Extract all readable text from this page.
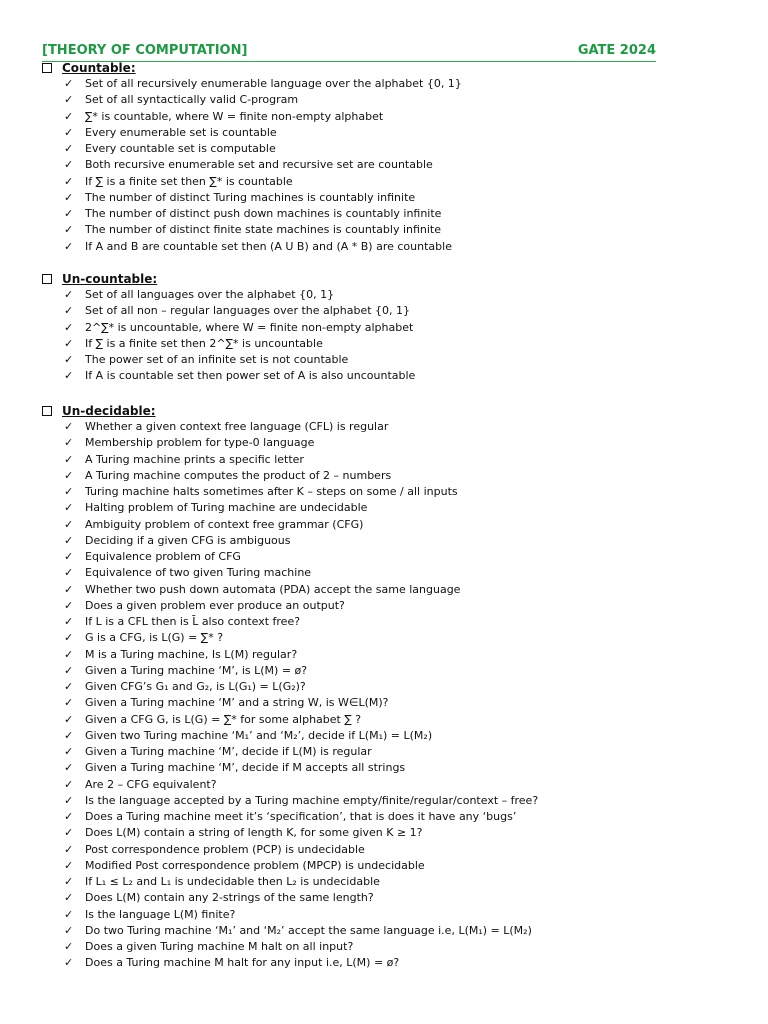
[THEORY OF COMPUTATION]	GATE 2024
Countable:
✓ Set of all recursively enumerable language over the alphabet {0, 1}
✓ Set of all syntactically valid C-program
✓ ∑* is countable, where W = finite non-empty alphabet
✓ Every enumerable set is countable
✓ Every countable set is computable
✓ Both recursive enumerable set and recursive set are countable
✓ If ∑ is a finite set then ∑* is countable
✓ The number of distinct Turing machines is countably infinite
✓ The number of distinct push down machines is countably infinite
✓ The number of distinct finite state machines is countably infinite
✓ If A and B are countable set then (A U B) and (A * B) are countable
Un-countable:
✓ Set of all languages over the alphabet {0, 1}
✓ Set of all non – regular languages over the alphabet {0, 1}
✓ 2^∑* is uncountable, where W = finite non-empty alphabet
✓ If ∑ is a finite set then 2^∑* is uncountable
✓ The power set of an infinite set is not countable
✓ If A is countable set then power set of A is also uncountable
Un-decidable:
✓ Whether a given context free language (CFL) is regular
✓ Membership problem for type-0 language
✓ A Turing machine prints a specific letter
✓ A Turing machine computes the product of 2 – numbers
✓ Turing machine halts sometimes after K – steps on some / all inputs
✓ Halting problem of Turing machine are undecidable
✓ Ambiguity problem of context free grammar (CFG)
✓ Deciding if a given CFG is ambiguous
✓ Equivalence problem of CFG
✓ Equivalence of two given Turing machine
✓ Whether two push down automata (PDA) accept the same language
✓ Does a given problem ever produce an output?
✓ If L is a CFL then is L̄ also context free?
✓ G is a CFG, is L(G) = ∑* ?
✓ M is a Turing machine, Is L(M) regular?
✓ Given a Turing machine ‘M’, is L(M) = ø?
✓ Given CFG’s G₁ and G₂, is L(G₁) = L(G₂)?
✓ Given a Turing machine ‘M’ and a string W, is W∈L(M)?
✓ Given a CFG G, is L(G) = ∑* for some alphabet ∑ ?
✓ Given two Turing machine ‘M₁’ and ‘M₂’, decide if L(M₁) = L(M₂)
✓ Given a Turing machine ‘M’, decide if L(M) is regular
✓ Given a Turing machine ‘M’, decide if M accepts all strings
✓ Are 2 – CFG equivalent?
✓ Is the language accepted by a Turing machine empty/finite/regular/context – free?
✓ Does a Turing machine meet it’s ‘specification’, that is does it have any ‘bugs’
✓ Does L(M) contain a string of length K, for some given K ≥ 1?
✓ Post correspondence problem (PCP) is undecidable
✓ Modified Post correspondence problem (MPCP) is undecidable
✓ If L₁ ≤ L₂ and L₁ is undecidable then L₂ is undecidable
✓ Does L(M) contain any 2-strings of the same length?
✓ Is the language L(M) finite?
✓ Do two Turing machine ‘M₁’ and ‘M₂’ accept the same language i.e, L(M₁) = L(M₂)
✓ Does a given Turing machine M halt on all input?
✓ Does a Turing machine M halt for any input i.e, L(M) = ø?
